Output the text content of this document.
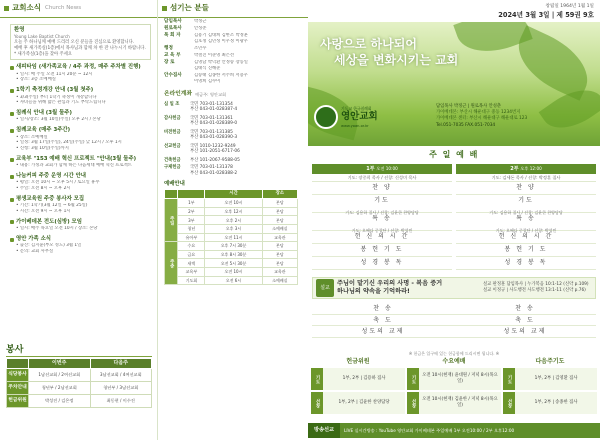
교회소식 Church News
환영
Young Lake Baptist Church
오늘 주 하나님께 예배 드리러 오신 분들을 진심으로 환영합니다.
예배 후 새가족실(1층)에서 목사님과 함께 차 한 잔 나누시기 바랍니다.
* 새가족실(1층)을 찾아 주세요
새피타임 (새가족교육 / 4주 과정, 매주 주차별 진행)
• 일시: 매 주일 오전 11시 20분 ~ 12시
• 장소: 3층 소예배실
1학기 축정개강 안내 (3월 첫주)
• 3/3(주일) 부터 1학기 축정이 개강합니다
• 자녀들을 위해 많은 관심과 기도 부탁드립니다
침례식 안내 (3월 둘주)
• 일시/장소: 3월 10일(주일) 오후 2시 / 본당
침례교육 (매주 3주간)
• 장소: 소예배실
• 일정: 3월 17일(주일), 24일(주일) 낮 12시 / 오후 1시
• 신청: 3월 10일(주일)까지
교육부 "153 예배 혁신 프로젝트 "안내(3월 둘주)
• 내용: 가정과 교회가 함께 하는 다음세대 예배 혁신 프로젝트
나눔커피 주중 운영 시간 안내
• 평일: 오전 10시 ~ 오후 5시 / 토요일 휴무
• 주일: 오전 8시 ~ 오후 2시
평생교육원 주중 봉사자 모집
• 기간: 1학기(3월 12일 ~ 6월 25일)
• 시간: 오전 9시 ~ 오후 1시
가이베데본 전도(심방) 모임
• 일시: 매주 목요일 오전 10시 / 장소: 본당
영안 가족 소식
• 출산: 김지윤(부모 성도) 3월 1일
• 문의: 교회 사무실
봉사
	이번주	다음주
식당봉사	1남선교회 / 2여선교회	3남선교회 / 4여선교회
주차안내	청년부 / 2남선교회	청년부 / 3남선교회
헌금위원	박성진 / 김은정	최동현 / 이수진
섬기는 분들
담임목사	박정근
원로목사	안성춘
목 회 자	김용기 김대희 김한조 박정훈
김호정 김민성 이우정 이광우
행정	조민수
교 육 부	박철진 이준영 최은선
장 로	김영남 박덕환 안정승 장동일
김태식 진해준
안수집사	김승태 김종한 서주희 서용우
이영희 김수미
온라인계좌 예금주: 영안교회
십 일 조	국민 703-01-131354
부산 043-01-028387-4
감사헌금	국민 703-01-131361
부산 043-01-028389-0
비전헌금	국민 703-01-131385
부산 043-01-028390-3
선교헌금	국민 1010-1232-9249
부산 101-2051-6717-06
건축헌금	부산 101-2067-9588-05
구제헌금	국민 703-01-131378
부산 043-01-028388-2
예배안내
		시간	장소
주일	1부	오전 10시	본당
	2부	오후 12시	본당
	3부	오후 2시	본당
	청년	오후 3시	소예배실
	유아부	오전 11시	교육관
주중	수요	오후 7시 30분	본당
	금요	오후 8시 30분	본당
	새벽	오전 5시 30분	본당
	교육부	오전 10시	교육관
	기도회	오전 6시	소예배실
창립일 1964년 1월 1일
2024년 3월 3일 | 제 59권 9호
사랑으로 하나되어
세상을 변화시키는 교회
기독교 한국침례회
영안교회
www.yoan.or.kr
담임목사 박정근 | 원로목사 안성춘
가이베데본: 부산시 해운대구 중동 1234번지
가이베데본 센터: 부산시 해운대구 해운대로 123
Tel.051-7035 FAX.051-7034
주 일 예 배
1부 오전 10:00
기도: 장중희 목사 / 선창: 신성미 목사
찬 양
기도
기도: 김용하 집사 / 선창: 김윤한 찬양담당
특 송
기도: 오혜다 중창단 / 선창: 박성민
헌 신 의 시 간
봉 헌 기 도
성 경 봉 독
2부 오후 12:00
기도: 김세돈 목사 / 선창: 박정훈 집사
찬 양
기도
기도: 김용하 집사 / 선창: 김윤한 찬양담당
특 송
기도: 오혜다 중창단 / 선창: 박성민
헌 신 의 시 간
봉 헌 기 도
성 경 봉 독
설교
주님이 맡기신 우리의 사명 - 복음 증거
하나님의 약속을 기억하라!
설교 판정훈 담임목사 | 누가복음 10:1-12 (신약 p.109)
설교 이정규 | 사도행전 사도행전 13:1-11 (신약 p.76)
찬 송	찬 송
축 도	축 도
성도의 교제	성도의 교제
※ 헌금은 입구에 있는 헌금함에 드리시면 됩니다. ※
헌금위원
기도	1부, 2부 | 김용하 집사
선창	1부, 2부 | 김윤한 찬양담당
수요예배
기도	오전 10시(현재) 윤대원 / 저녁 8시(목요일)
선창	오전 10시(현재) 김윤한 / 저녁 8시(목요일)
다음주기도
기도	1부, 2부 | 김영환 집사
선창	1부, 2부 | 송종한 집사
방송선교	LIVE 실시간방송 : YouTube 영안교회 가이베데본 주일예배 1부 오전10:00 / 2부 오후12:00
